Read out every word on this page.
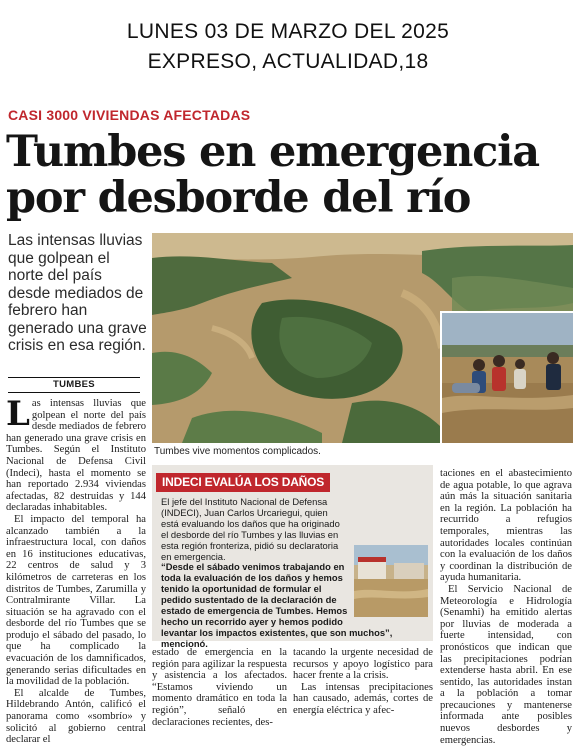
LUNES 03 DE MARZO DEL 2025
EXPRESO, ACTUALIDAD,18
CASI 3000 VIVIENDAS AFECTADAS
Tumbes en emergencia
por desborde del río
Las intensas lluvias que golpean el norte del país desde mediados de febrero han generado una grave crisis en esa región.
TUMBES

Las intensas lluvias que golpean el norte del país desde mediados de febrero han generado una grave crisis en Tumbes. Según el Instituto Nacional de Defensa Civil (Indeci), hasta el momento se han reportado 2.934 viviendas afectadas, 82 destruidas y 144 declaradas inhabitables.

El impacto del temporal ha alcanzado también a la infraestructura local, con daños en 16 instituciones educativas, 22 centros de salud y 3 kilómetros de carreteras en los distritos de Tumbes, Zarumilla y Contralmirante Villar. La situación se ha agravado con el desborde del río Tumbes que se produjo el sábado del pasado, lo que ha complicado la evacuación de los damnificados, generando serias dificultades en la movilidad de la población.

El alcalde de Tumbes, Hildebrando Antón, calificó el panorama como «sombrío» y solicitó al gobierno central declarar el

Tumbes vive momentos complicados.
INDECI EVALÚA LOS DAÑOS

El jefe del Instituto Nacional de Defensa (INDECI), Juan Carlos Urcariegui, quien está evaluando los daños que ha originado el desborde del río Tumbes y las lluvias en esta región fronteriza, pidió su declaratoria en emergencia.

“Desde el sábado venimos trabajando en toda la evaluación de los daños y hemos tenido la oportunidad de formular el pedido sustentado de la declaración de estado de emergencia de Tumbes. Hemos hecho un recorrido ayer y hemos podido levantar los impactos existentes, que son muchos”, mencionó.

estado de emergencia en la región para agilizar la respuesta y asistencia a los afectados. “Estamos viviendo un momento dramático en toda la región”, señaló en declaraciones recientes, des-

tacando la urgente necesidad de recursos y apoyo logístico para hacer frente a la crisis.

Las intensas precipitaciones han causado, además, cortes de energía eléctrica y afec-

taciones en el abastecimiento de agua potable, lo que agrava aún más la situación sanitaria en la región. La población ha recurrido a refugios temporales, mientras las autoridades locales continúan con la evaluación de los daños y coordinan la distribución de ayuda humanitaria.

El Servicio Nacional de Meteorología e Hidrología (Senamhi) ha emitido alertas por lluvias de moderada a fuerte intensidad, con pronósticos que indican que las precipitaciones podrían extenderse hasta abril. En ese sentido, las autoridades instan a la población a tomar precauciones y mantenerse informada ante posibles nuevos desbordes y emergencias.
